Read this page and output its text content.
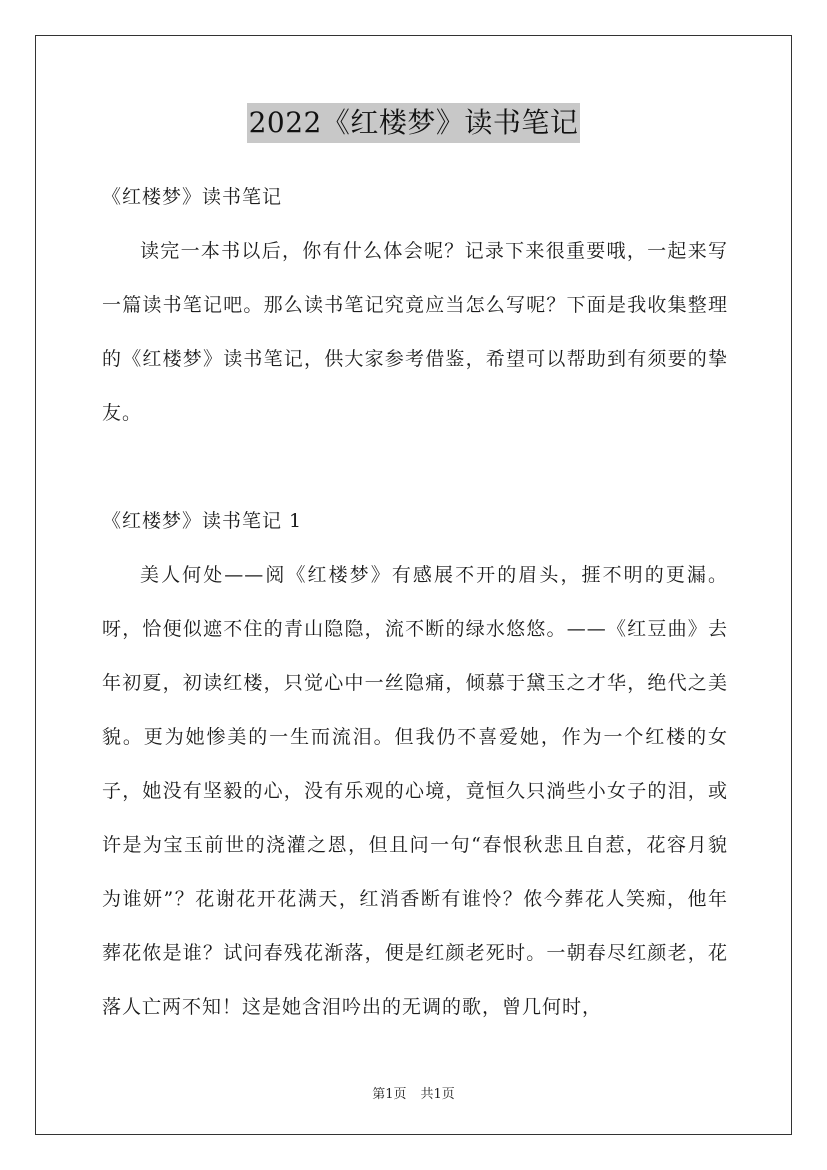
2022《红楼梦》读书笔记

《红楼梦》读书笔记

读完一本书以后，你有什么体会呢？记录下来很重要哦，一起来写一篇读书笔记吧。那么读书笔记究竟应当怎么写呢？下面是我收集整理的《红楼梦》读书笔记，供大家参考借鉴，希望可以帮助到有须要的挚友。

《红楼梦》读书笔记 1

美人何处——阅《红楼梦》有感展不开的眉头，捱不明的更漏。呀，恰便似遮不住的青山隐隐，流不断的绿水悠悠。——《红豆曲》去年初夏，初读红楼，只觉心中一丝隐痛，倾慕于黛玉之才华，绝代之美貌。更为她惨美的一生而流泪。但我仍不喜爱她，作为一个红楼的女子，她没有坚毅的心，没有乐观的心境，竟恒久只淌些小女子的泪，或许是为宝玉前世的浇灌之恩，但且问一句“春恨秋悲且自惹，花容月貌为谁妍”？花谢花开花满天，红消香断有谁怜？侬今葬花人笑痴，他年葬花侬是谁？试问春残花渐落，便是红颜老死时。一朝春尽红颜老，花落人亡两不知！这是她含泪吟出的无调的歌，曾几何时，

第1页 共1页
